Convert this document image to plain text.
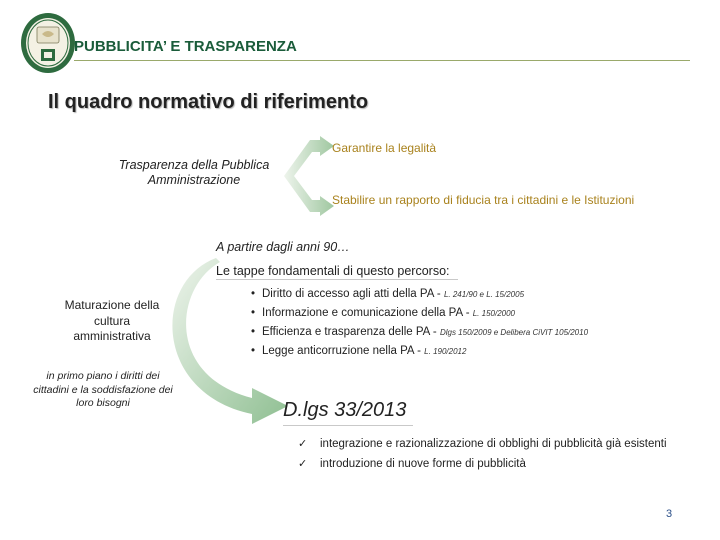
PUBBLICITA’ E TRASPARENZA
Il quadro normativo di riferimento
Trasparenza della Pubblica Amministrazione
Garantire la legalità
Stabilire un rapporto di fiducia tra i cittadini e le Istituzioni
A partire dagli anni 90…
Le tappe fondamentali di questo percorso:
• Diritto di accesso agli atti della PA - L. 241/90 e L. 15/2005
• Informazione e comunicazione della PA - L. 150/2000
• Efficienza e trasparenza delle PA - Dlgs 150/2009 e Delibera CiVIT 105/2010
• Legge anticorruzione nella PA - L. 190/2012
Maturazione della cultura amministrativa
in primo piano i diritti dei cittadini e la soddisfazione dei loro bisogni	D.lgs 33/2013
✓ integrazione e razionalizzazione di obblighi di pubblicità già esistenti
✓ introduzione di nuove forme di pubblicità
3
